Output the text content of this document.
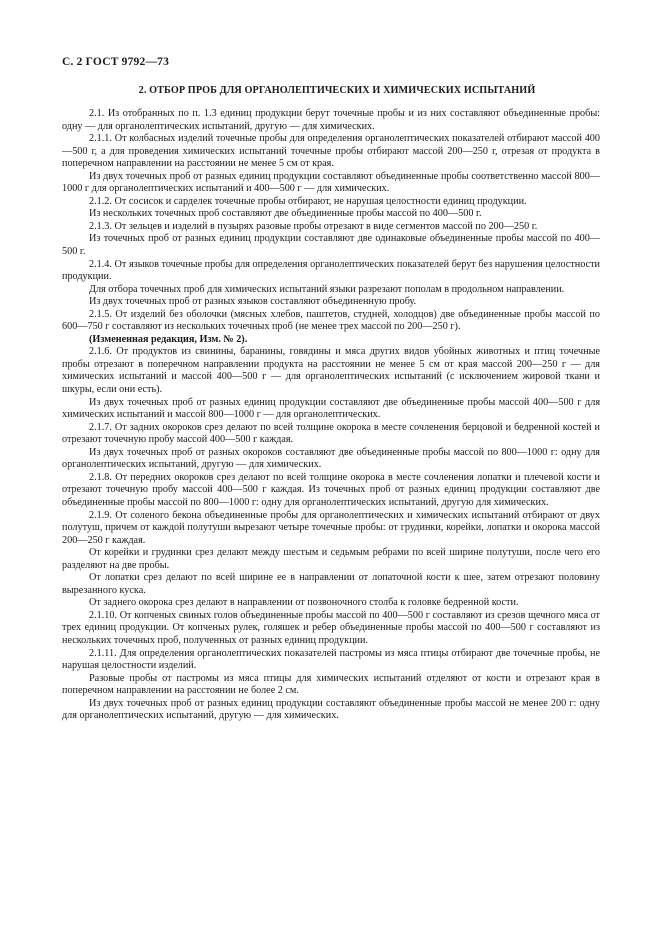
С. 2 ГОСТ 9792—73
2. ОТБОР ПРОБ ДЛЯ ОРГАНОЛЕПТИЧЕСКИХ И ХИМИЧЕСКИХ ИСПЫТАНИЙ

2.1. Из отобранных по п. 1.3 единиц продукции берут точечные пробы и из них составляют объединенные пробы: одну — для органолептических испытаний, другую — для химических.

2.1.1. От колбасных изделий точечные пробы для определения органолептических показателей отбирают массой 400—500 г, а для проведения химических испытаний точечные пробы отбирают массой 200—250 г, отрезая от продукта в поперечном направлении на расстоянии не менее 5 см от края.

Из двух точечных проб от разных единиц продукции составляют объединенные пробы соответственно массой 800—1000 г для органолептических испытаний и 400—500 г — для химических.

2.1.2. От сосисок и сарделек точечные пробы отбирают, не нарушая целостности единиц продукции.

Из нескольких точечных проб составляют две объединенные пробы массой по 400—500 г.

2.1.3. От зельцев и изделий в пузырях разовые пробы отрезают в виде сегментов массой по 200—250 г.

Из точечных проб от разных единиц продукции составляют две одинаковые объединенные пробы массой по 400—500 г.

2.1.4. От языков точечные пробы для определения органолептических показателей берут без нарушения целостности продукции.

Для отбора точечных проб для химических испытаний языки разрезают пополам в продольном направлении.

Из двух точечных проб от разных языков составляют объединенную пробу.

2.1.5. От изделий без оболочки (мясных хлебов, паштетов, студней, холодцов) две объединенные пробы массой по 600—750 г составляют из нескольких точечных проб (не менее трех массой по 200—250 г).

(Измененная редакция, Изм. № 2).

2.1.6. От продуктов из свинины, баранины, говядины и мяса других видов убойных животных и птиц точечные пробы отрезают в поперечном направлении продукта на расстоянии не менее 5 см от края массой 200—250 г — для химических испытаний и массой 400—500 г — для органолептических испытаний (с исключением жировой ткани и шкуры, если они есть).

Из двух точечных проб от разных единиц продукции составляют две объединенные пробы массой 400—500 г для химических испытаний и массой 800—1000 г — для органолептических.

2.1.7. От задних окороков срез делают по всей толщине окорока в месте сочленения берцовой и бедренной костей и отрезают точечную пробу массой 400—500 г каждая.

Из двух точечных проб от разных окороков составляют две объединенные пробы массой по 800—1000 г: одну для органолептических испытаний, другую — для химических.

2.1.8. От передних окороков срез делают по всей толщине окорока в месте сочленения лопатки и плечевой кости и отрезают точечную пробу массой 400—500 г каждая. Из точечных проб от разных единиц продукции составляют две объединенные пробы массой по 800—1000 г: одну для органолептических испытаний, другую для химических.

2.1.9. От соленого бекона объединенные пробы для органолептических и химических испытаний отбирают от двух полутуш, причем от каждой полутуши вырезают четыре точечные пробы: от грудинки, корейки, лопатки и окорока массой 200—250 г каждая.

От корейки и грудинки срез делают между шестым и седьмым ребрами по всей ширине полутуши, после чего его разделяют на две пробы.

От лопатки срез делают по всей ширине ее в направлении от лопаточной кости к шее, затем отрезают половину вырезанного куска.

От заднего окорока срез делают в направлении от позвоночного столба к головке бедренной кости.

2.1.10. От копченых свиных голов объединенные пробы массой по 400—500 г составляют из срезов щечного мяса от трех единиц продукции. От копченых рулек, голяшек и ребер объединенные пробы массой по 400—500 г составляют из нескольких точечных проб, полученных от разных единиц продукции.

2.1.11. Для определения органолептических показателей пастромы из мяса птицы отбирают две точечные пробы, не нарушая целостности изделий.

Разовые пробы от пастромы из мяса птицы для химических испытаний отделяют от кости и отрезают края в поперечном направлении на расстоянии не более 2 см.

Из двух точечных проб от разных единиц продукции составляют объединенные пробы массой не менее 200 г: одну для органолептических испытаний, другую — для химических.
